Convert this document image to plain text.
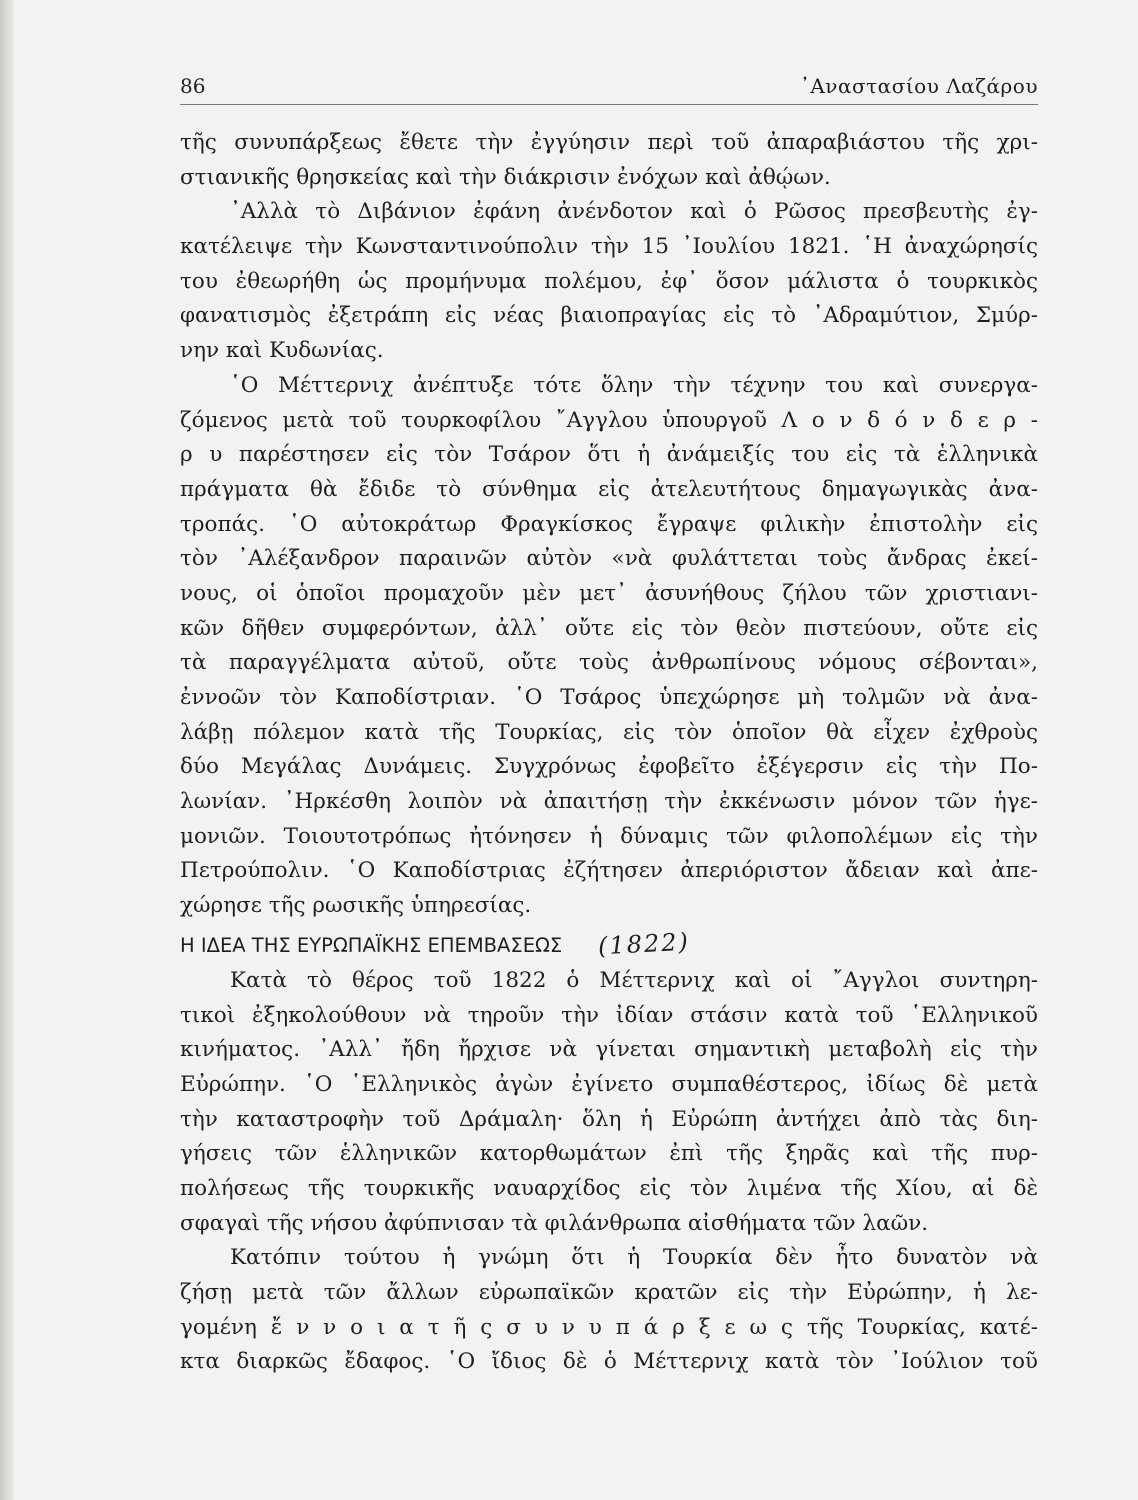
86	᾿Αναστασίου Λαζάρου
τῆς συνυπάρξεως ἔθετε τὴν ἐγγύησιν περὶ τοῦ ἀπαραβιάστου τῆς χρι-
στιανικῆς θρησκείας καὶ τὴν διάκρισιν ἐνόχων καὶ ἀθῴων.
᾿Αλλὰ τὸ Διβάνιον ἐφάνη ἀνένδοτον καὶ ὁ Ρῶσος πρεσβευτὴς ἐγ-
κατέλειψε τὴν Κωνσταντινούπολιν τὴν 15 ᾿Ιουλίου 1821. ῾Η ἀναχώρησίς
του ἐθεωρήθη ὡς προμήνυμα πολέμου, ἐφ᾿ ὅσον μάλιστα ὁ τουρκικὸς
φανατισμὸς ἐξετράπη εἰς νέας βιαιοπραγίας εἰς τὸ ᾿Αδραμύτιον, Σμύρ-
νην καὶ Κυδωνίας.
῾Ο Μέττερνιχ ἀνέπτυξε τότε ὅλην τὴν τέχνην του καὶ συνεργα-
ζόμενος μετὰ τοῦ τουρκοφίλου ῎Αγγλου ὑπουργοῦ Λ ο ν δ ό ν δ ε ρ -
ρ υ παρέστησεν εἰς τὸν Τσάρον ὅτι ἡ ἀνάμειξίς του εἰς τὰ ἑλληνικὰ
πράγματα θὰ ἔδιδε τὸ σύνθημα εἰς ἀτελευτήτους δημαγωγικὰς ἀνα-
τροπάς. ῾Ο αὐτοκράτωρ Φραγκίσκος ἔγραψε φιλικὴν ἐπιστολὴν εἰς
τὸν ᾿Αλέξανδρον παραινῶν αὐτὸν «νὰ φυλάττεται τοὺς ἄνδρας ἐκεί-
νους, οἱ ὁποῖοι προμαχοῦν μὲν μετ᾿ ἀσυνήθους ζήλου τῶν χριστιανι-
κῶν δῆθεν συμφερόντων, ἀλλ᾿ οὔτε εἰς τὸν θεὸν πιστεύουν, οὔτε εἰς
τὰ παραγγέλματα αὐτοῦ, οὔτε τοὺς ἀνθρωπίνους νόμους σέβονται»,
ἐννοῶν τὸν Καποδίστριαν. ῾Ο Τσάρος ὑπεχώρησε μὴ τολμῶν νὰ ἀνα-
λάβῃ πόλεμον κατὰ τῆς Τουρκίας, εἰς τὸν ὁποῖον θὰ εἶχεν ἐχθροὺς
δύο Μεγάλας Δυνάμεις. Συγχρόνως ἐφοβεῖτο ἐξέγερσιν εἰς τὴν Πο-
λωνίαν. ᾿Ηρκέσθη λοιπὸν νὰ ἀπαιτήσῃ τὴν ἐκκένωσιν μόνον τῶν ἡγε-
μονιῶν. Τοιουτοτρόπως ἠτόνησεν ἡ δύναμις τῶν φιλοπολέμων εἰς τὴν
Πετρούπολιν. ῾Ο Καποδίστριας ἐζήτησεν ἀπεριόριστον ἄδειαν καὶ ἀπε-
χώρησε τῆς ρωσικῆς ὑπηρεσίας.
Η ΙΔΕΑ ΤΗΣ ΕΥΡΩΠΑΪΚΗΣ ΕΠΕΜΒΑΣΕΩΣ (1822)
Κατὰ τὸ θέρος τοῦ 1822 ὁ Μέττερνιχ καὶ οἱ ῎Αγγλοι συντηρη-
τικοὶ ἐξηκολούθουν νὰ τηροῦν τὴν ἰδίαν στάσιν κατὰ τοῦ ῾Ελληνικοῦ
κινήματος. ᾿Αλλ᾿ ἤδη ἤρχισε νὰ γίνεται σημαντικὴ μεταβολὴ εἰς τὴν
Εὐρώπην. ῾Ο ῾Ελληνικὸς ἀγὼν ἐγίνετο συμπαθέστερος, ἰδίως δὲ μετὰ
τὴν καταστροφὴν τοῦ Δράμαλη· ὅλη ἡ Εὐρώπη ἀντήχει ἀπὸ τὰς διη-
γήσεις τῶν ἑλληνικῶν κατορθωμάτων ἐπὶ τῆς ξηρᾶς καὶ τῆς πυρ-
πολήσεως τῆς τουρκικῆς ναυαρχίδος εἰς τὸν λιμένα τῆς Χίου, αἱ δὲ
σφαγαὶ τῆς νήσου ἀφύπνισαν τὰ φιλάνθρωπα αἰσθήματα τῶν λαῶν.
Κατόπιν τούτου ἡ γνώμη ὅτι ἡ Τουρκία δὲν ἦτο δυνατὸν νὰ
ζήσῃ μετὰ τῶν ἄλλων εὐρωπαϊκῶν κρατῶν εἰς τὴν Εὐρώπην, ἡ λε-
γομένη ἔ ν ν ο ι α τ ῆ ς σ υ ν υ π ά ρ ξ ε ω ς τῆς Τουρκίας, κατέ-
κτα διαρκῶς ἔδαφος. ῾Ο ἴδιος δὲ ὁ Μέττερνιχ κατὰ τὸν ᾿Ιούλιον τοῦ
